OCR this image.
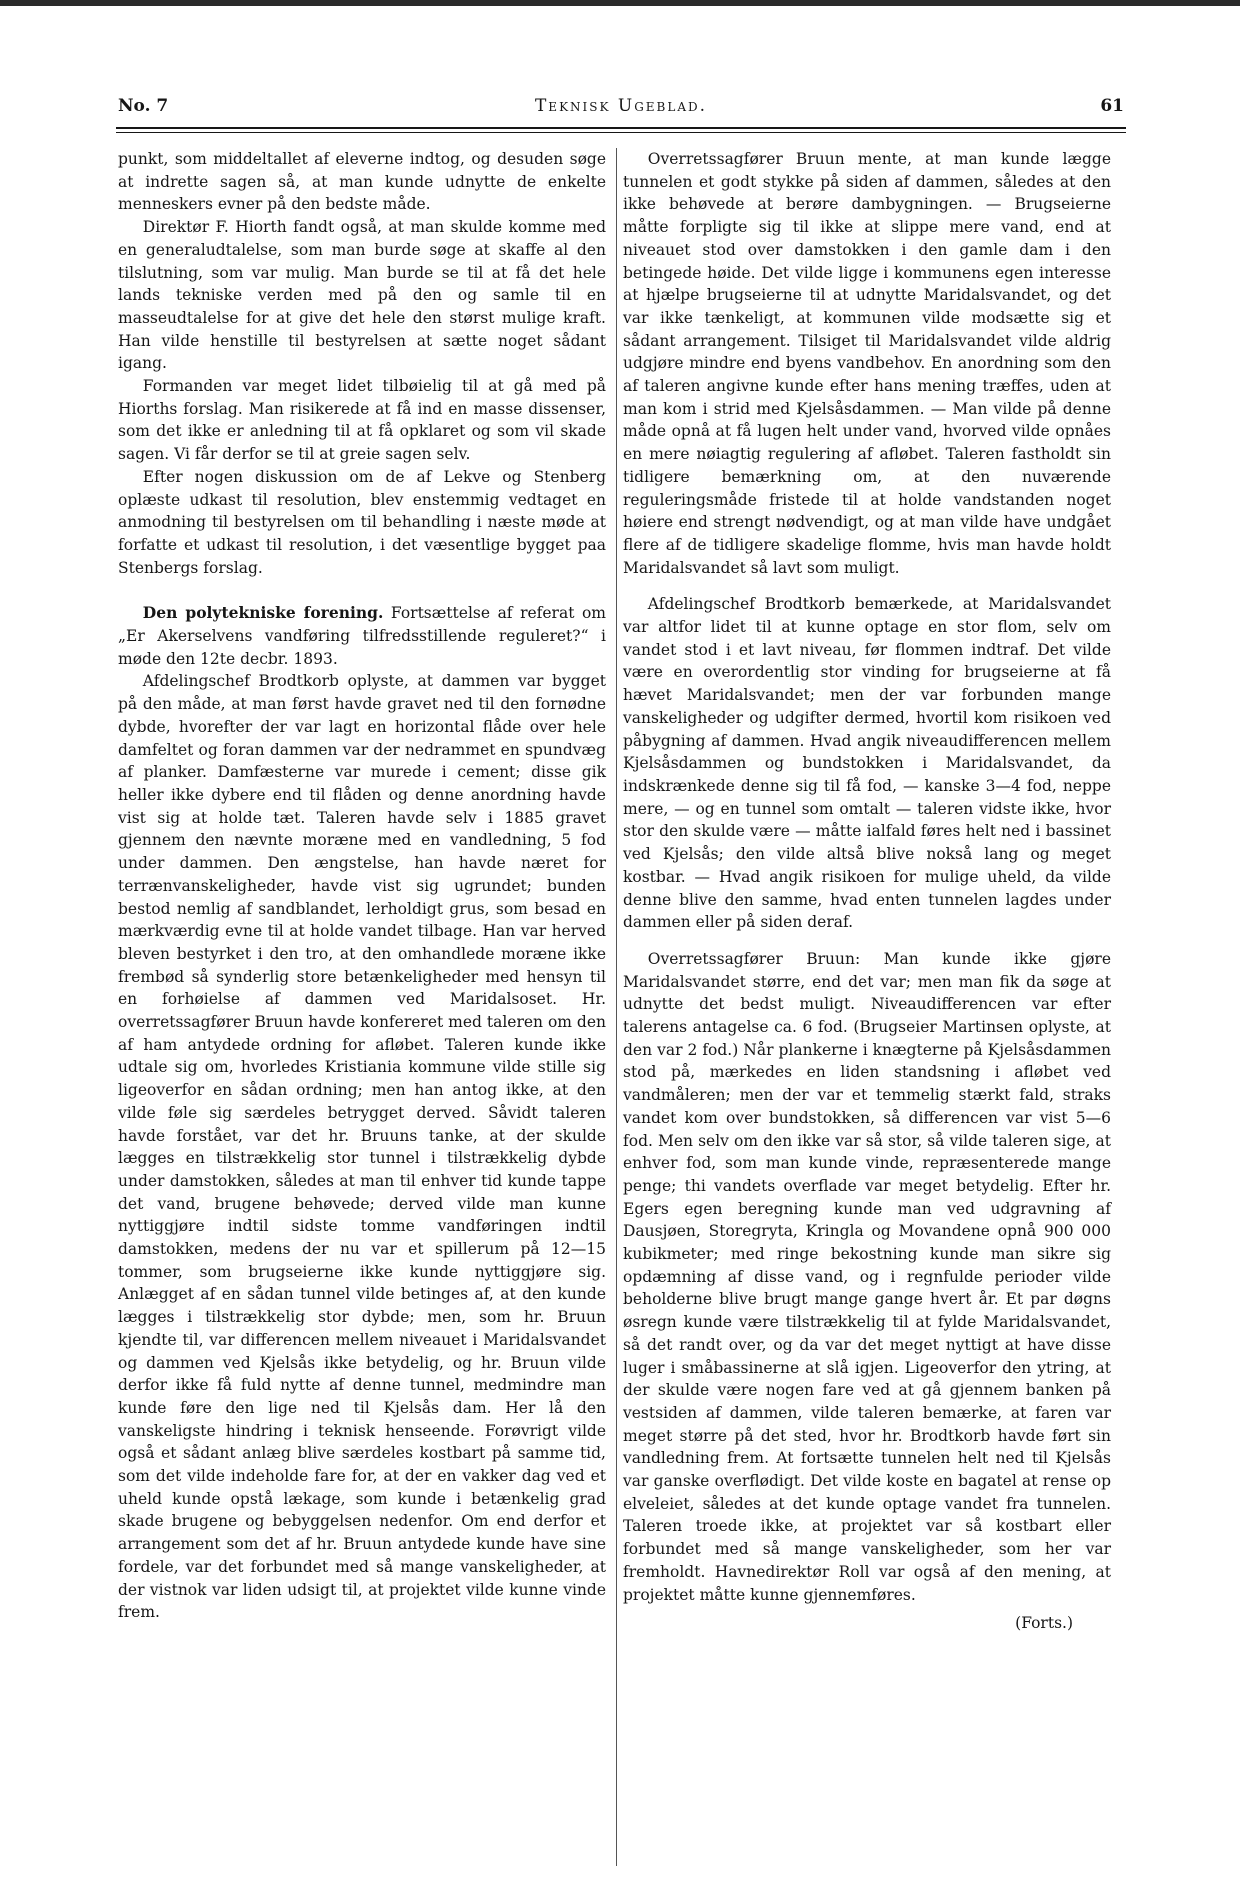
No. 7	Teknisk Ugeblad.	61

punkt, som middeltallet af eleverne indtog, og desuden søge at indrette sagen så, at man kunde udnytte de enkelte menneskers evner på den bedste måde.

Direktør F. Hiorth fandt også, at man skulde komme med en generaludtalelse, som man burde søge at skaffe al den tilslutning, som var mulig. Man burde se til at få det hele lands tekniske verden med på den og samle til en masseudtalelse for at give det hele den størst mulige kraft. Han vilde henstille til bestyrelsen at sætte noget sådant igang.

Formanden var meget lidet tilbøielig til at gå med på Hiorths forslag. Man risikerede at få ind en masse dissenser, som det ikke er anledning til at få opklaret og som vil skade sagen. Vi får derfor se til at greie sagen selv.

Efter nogen diskussion om de af Lekve og Stenberg oplæste udkast til resolution, blev enstemmig vedtaget en anmodning til bestyrelsen om til behandling i næste møde at forfatte et udkast til resolution, i det væsentlige bygget paa Stenbergs forslag.

Den polytekniske forening. Fortsættelse af referat om „Er Akerselvens vandføring tilfredsstillende reguleret?“ i møde den 12te decbr. 1893.

Afdelingschef Brodtkorb oplyste, at dammen var bygget på den måde, at man først havde gravet ned til den fornødne dybde, hvorefter der var lagt en horizontal flåde over hele damfeltet og foran dammen var der nedrammet en spundvæg af planker. Damfæsterne var murede i cement; disse gik heller ikke dybere end til flåden og denne anordning havde vist sig at holde tæt. Taleren havde selv i 1885 gravet gjennem den nævnte moræne med en vandledning, 5 fod under dammen. Den ængstelse, han havde næret for terrænvanskeligheder, havde vist sig ugrundet; bunden bestod nemlig af sandblandet, lerholdigt grus, som besad en mærkværdig evne til at holde vandet tilbage. Han var herved bleven bestyrket i den tro, at den omhandlede moræne ikke frembød så synderlig store betænkeligheder med hensyn til en forhøielse af dammen ved Maridalsoset. Hr. overretssagfører Bruun havde konfereret med taleren om den af ham antydede ordning for afløbet. Taleren kunde ikke udtale sig om, hvorledes Kristiania kommune vilde stille sig ligeoverfor en sådan ordning; men han antog ikke, at den vilde føle sig særdeles betrygget derved. Såvidt taleren havde forstået, var det hr. Bruuns tanke, at der skulde lægges en tilstrækkelig stor tunnel i tilstrækkelig dybde under damstokken, således at man til enhver tid kunde tappe det vand, brugene behøvede; derved vilde man kunne nyttiggjøre indtil sidste tomme vandføringen indtil damstokken, medens der nu var et spillerum på 12—15 tommer, som brugseierne ikke kunde nyttiggjøre sig. Anlægget af en sådan tunnel vilde betinges af, at den kunde lægges i tilstrækkelig stor dybde; men, som hr. Bruun kjendte til, var differencen mellem niveauet i Maridalsvandet og dammen ved Kjelsås ikke betydelig, og hr. Bruun vilde derfor ikke få fuld nytte af denne tunnel, medmindre man kunde føre den lige ned til Kjelsås dam. Her lå den vanskeligste hindring i teknisk henseende. Forøvrigt vilde også et sådant anlæg blive særdeles kostbart på samme tid, som det vilde indeholde fare for, at der en vakker dag ved et uheld kunde opstå lækage, som kunde i betænkelig grad skade brugene og bebyggelsen nedenfor. Om end derfor et arrangement som det af hr. Bruun antydede kunde have sine fordele, var det forbundet med så mange vanskeligheder, at der vistnok var liden udsigt til, at projektet vilde kunne vinde frem.

Overretssagfører Bruun mente, at man kunde lægge tunnelen et godt stykke på siden af dammen, således at den ikke behøvede at berøre dambygningen. — Brugseierne måtte forpligte sig til ikke at slippe mere vand, end at niveauet stod over damstokken i den gamle dam i den betingede høide. Det vilde ligge i kommunens egen interesse at hjælpe brugseierne til at udnytte Maridalsvandet, og det var ikke tænkeligt, at kommunen vilde modsætte sig et sådant arrangement. Tilsiget til Maridalsvandet vilde aldrig udgjøre mindre end byens vandbehov. En anordning som den af taleren angivne kunde efter hans mening træffes, uden at man kom i strid med Kjelsåsdammen. — Man vilde på denne måde opnå at få lugen helt under vand, hvorved vilde opnåes en mere nøiagtig regulering af afløbet. Taleren fastholdt sin tidligere bemærkning om, at den nuværende reguleringsmåde fristede til at holde vandstanden noget høiere end strengt nødvendigt, og at man vilde have undgået flere af de tidligere skadelige flomme, hvis man havde holdt Maridalsvandet så lavt som muligt.

Afdelingschef Brodtkorb bemærkede, at Maridalsvandet var altfor lidet til at kunne optage en stor flom, selv om vandet stod i et lavt niveau, før flommen indtraf. Det vilde være en overordentlig stor vinding for brugseierne at få hævet Maridalsvandet; men der var forbunden mange vanskeligheder og udgifter dermed, hvortil kom risikoen ved påbygning af dammen. Hvad angik niveaudifferencen mellem Kjelsåsdammen og bundstokken i Maridalsvandet, da indskrænkede denne sig til få fod, — kanske 3—4 fod, neppe mere, — og en tunnel som omtalt — taleren vidste ikke, hvor stor den skulde være — måtte ialfald føres helt ned i bassinet ved Kjelsås; den vilde altså blive nokså lang og meget kostbar. — Hvad angik risikoen for mulige uheld, da vilde denne blive den samme, hvad enten tunnelen lagdes under dammen eller på siden deraf.

Overretssagfører Bruun: Man kunde ikke gjøre Maridalsvandet større, end det var; men man fik da søge at udnytte det bedst muligt. Niveaudifferencen var efter talerens antagelse ca. 6 fod. (Brugseier Martinsen oplyste, at den var 2 fod.) Når plankerne i knægterne på Kjelsåsdammen stod på, mærkedes en liden standsning i afløbet ved vandmåleren; men der var et temmelig stærkt fald, straks vandet kom over bundstokken, så differencen var vist 5—6 fod. Men selv om den ikke var så stor, så vilde taleren sige, at enhver fod, som man kunde vinde, repræsenterede mange penge; thi vandets overflade var meget betydelig. Efter hr. Egers egen beregning kunde man ved udgravning af Dausjøen, Storegryta, Kringla og Movandene opnå 900 000 kubikmeter; med ringe bekostning kunde man sikre sig opdæmning af disse vand, og i regnfulde perioder vilde beholderne blive brugt mange gange hvert år. Et par døgns øsregn kunde være tilstrækkelig til at fylde Maridalsvandet, så det randt over, og da var det meget nyttigt at have disse luger i småbassinerne at slå igjen. Ligeoverfor den ytring, at der skulde være nogen fare ved at gå gjennem banken på vestsiden af dammen, vilde taleren bemærke, at faren var meget større på det sted, hvor hr. Brodtkorb havde ført sin vandledning frem. At fortsætte tunnelen helt ned til Kjelsås var ganske overflødigt. Det vilde koste en bagatel at rense op elveleiet, således at det kunde optage vandet fra tunnelen. Taleren troede ikke, at projektet var så kostbart eller forbundet med så mange vanskeligheder, som her var fremholdt. Havnedirektør Roll var også af den mening, at projektet måtte kunne gjennemføres.

(Forts.)
